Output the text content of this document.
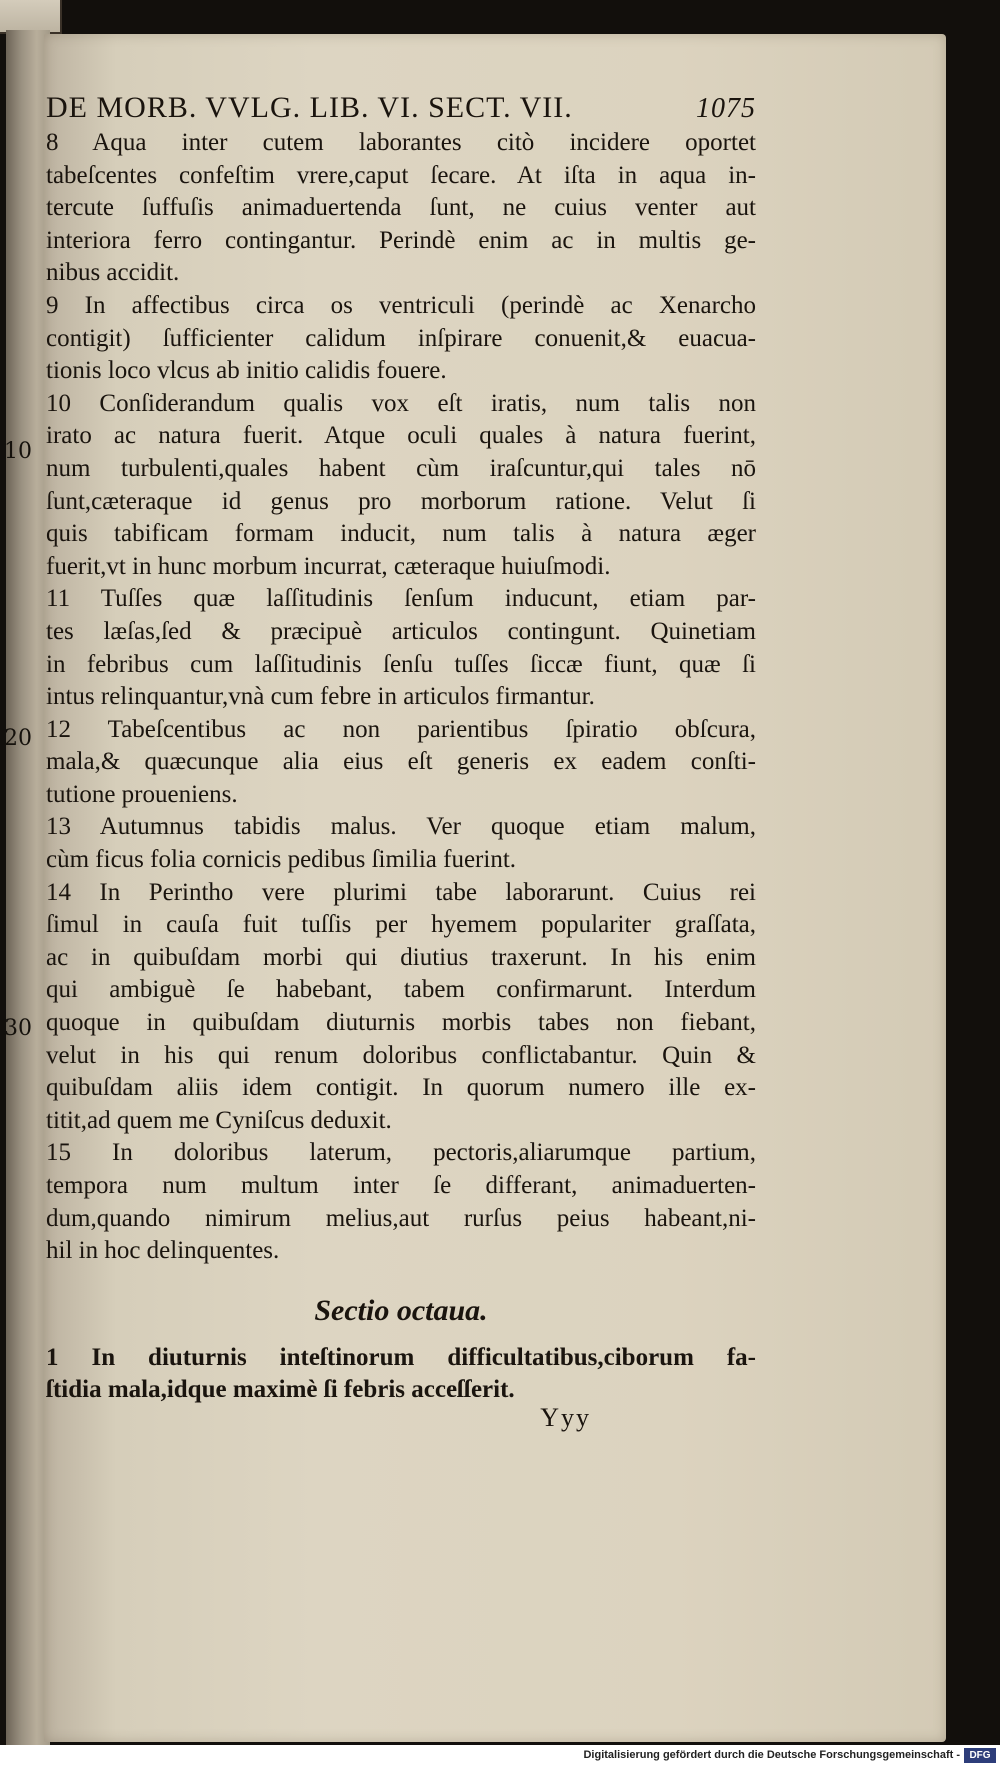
10
20
30
DE MORB. VVLG. LIB. VI. SECT. VII.	1075
8 Aqua inter cutem laborantes citò incidere oportet
tabeſcentes confeſtim vrere,caput ſecare. At iſta in aqua in-
tercute ſuffuſis animaduertenda ſunt, ne cuius venter aut
interiora ferro contingantur. Perindè enim ac in multis ge-
nibus accidit.
9 In affectibus circa os ventriculi (perindè ac Xenarcho
contigit) ſufficienter calidum inſpirare conuenit,& euacua-
tionis loco vlcus ab initio calidis fouere.
10 Conſiderandum qualis vox eſt iratis, num talis non
irato ac natura fuerit. Atque oculi quales à natura fuerint,
num turbulenti,quales habent cùm iraſcuntur,qui tales nō
ſunt,cæteraque id genus pro morborum ratione. Velut ſi
quis tabificam formam inducit, num talis à natura æger
fuerit,vt in hunc morbum incurrat, cæteraque huiuſmodi.
11 Tuſſes quæ laſſitudinis ſenſum inducunt, etiam par-
tes læſas,ſed & præcipuè articulos contingunt. Quinetiam
in febribus cum laſſitudinis ſenſu tuſſes ſiccæ fiunt, quæ ſi
intus relinquantur,vnà cum febre in articulos firmantur.
12 Tabeſcentibus ac non parientibus ſpiratio obſcura,
mala,& quæcunque alia eius eſt generis ex eadem conſti-
tutione proueniens.
13 Autumnus tabidis malus. Ver quoque etiam malum,
cùm ficus folia cornicis pedibus ſimilia fuerint.
14 In Perintho vere plurimi tabe laborarunt. Cuius rei
ſimul in cauſa fuit tuſſis per hyemem populariter graſſata,
ac in quibuſdam morbi qui diutius traxerunt. In his enim
qui ambiguè ſe habebant, tabem confirmarunt. Interdum
quoque in quibuſdam diuturnis morbis tabes non fiebant,
velut in his qui renum doloribus conflictabantur. Quin &
quibuſdam aliis idem contigit. In quorum numero ille ex-
titit,ad quem me Cyniſcus deduxit.
15 In doloribus laterum, pectoris,aliarumque partium,
tempora num multum inter ſe differant, animaduerten-
dum,quando nimirum melius,aut rurſus peius habeant,ni-
hil in hoc delinquentes.
Sectio octaua.
1 In diuturnis inteſtinorum difficultatibus,ciborum fa-
ſtidia mala,idque maximè ſi febris acceſſerit.
Yyy
Digitalisierung gefördert durch die Deutsche Forschungsgemeinschaft - DFG
